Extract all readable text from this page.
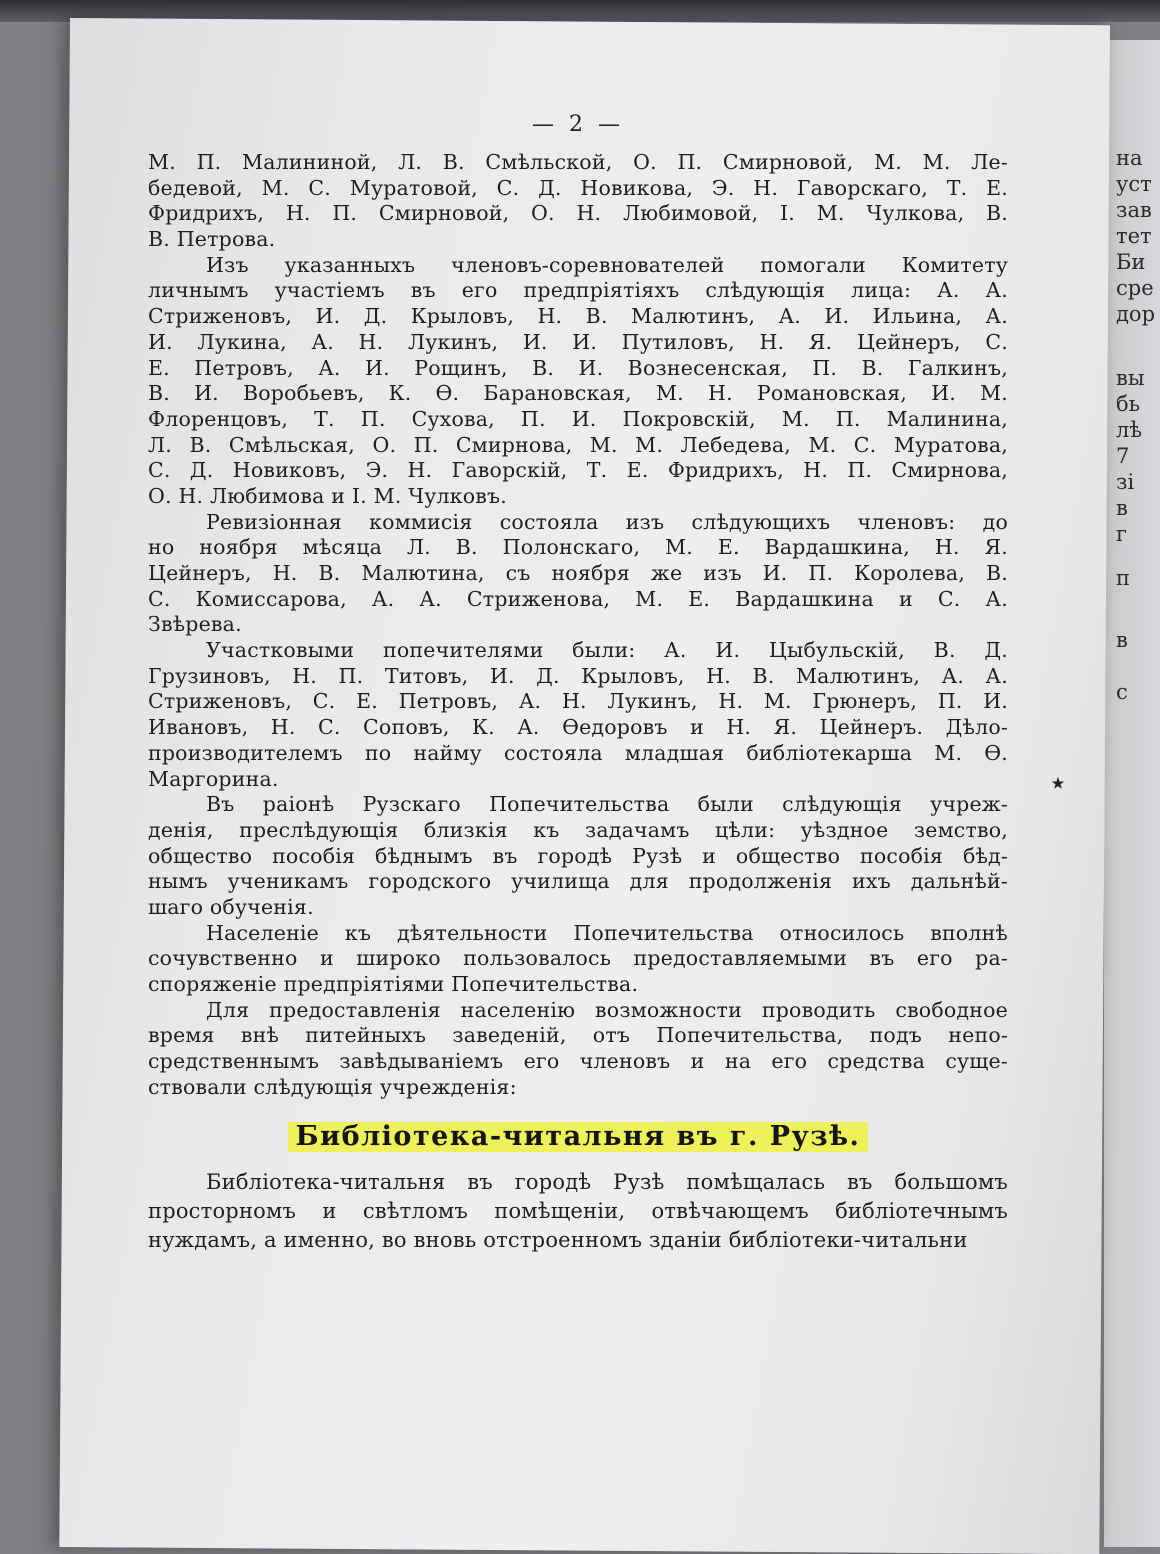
на
уст
зав
тет
Би
сре
дор
вы
бь
лѣ
7
зі
в
г
п
в
с
— 2 —
М. П. Малининой, Л. В. Смѣльской, О. П. Смирновой, М. М. Ле-
бедевой, М. С. Муратовой, С. Д. Новикова, Э. Н. Гаворскаго, Т. Е.
Фридрихъ, Н. П. Смирновой, О. Н. Любимовой, І. М. Чулкова, В.
В. Петрова.
Изъ указанныхъ членовъ-соревнователей помогали Комитету
личнымъ участіемъ въ его предпріятіяхъ слѣдующія лица: А. А.
Стриженовъ, И. Д. Крыловъ, Н. В. Малютинъ, А. И. Ильина, А.
И. Лукина, А. Н. Лукинъ, И. И. Путиловъ, Н. Я. Цейнеръ, С.
Е. Петровъ, А. И. Рощинъ, В. И. Вознесенская, П. В. Галкинъ,
В. И. Воробьевъ, К. Ѳ. Барановская, М. Н. Романовская, И. М.
Флоренцовъ, Т. П. Сухова, П. И. Покровскій, М. П. Малинина,
Л. В. Смѣльская, О. П. Смирнова, М. М. Лебедева, М. С. Муратова,
С. Д. Новиковъ, Э. Н. Гаворскій, Т. Е. Фридрихъ, Н. П. Смирнова,
О. Н. Любимова и І. М. Чулковъ.
Ревизіонная коммисія состояла изъ слѣдующихъ членовъ: до
но ноября мѣсяца Л. В. Полонскаго, М. Е. Вардашкина, Н. Я.
Цейнеръ, Н. В. Малютина, съ ноября же изъ И. П. Королева, В.
С. Комиссарова, А. А. Стриженова, М. Е. Вардашкина и С. А.
Звѣрева.
Участковыми попечителями были: А. И. Цыбульскій, В. Д.
Грузиновъ, Н. П. Титовъ, И. Д. Крыловъ, Н. В. Малютинъ, А. А.
Стриженовъ, С. Е. Петровъ, А. Н. Лукинъ, Н. М. Грюнеръ, П. И.
Ивановъ, Н. С. Соповъ, К. А. Ѳедоровъ и Н. Я. Цейнеръ. Дѣло-
производителемъ по найму состояла младшая библіотекарша М. Ѳ.
Маргорина.
Въ раіонѣ Рузскаго Попечительства были слѣдующія учреж-
денія, преслѣдующія близкія къ задачамъ цѣли: уѣздное земство,
общество пособія бѣднымъ въ городѣ Рузѣ и общество пособія бѣд-
нымъ ученикамъ городского училища для продолженія ихъ дальнѣй-
шаго обученія.
Населеніе къ дѣятельности Попечительства относилось вполнѣ
сочувственно и широко пользовалось предоставляемыми въ его ра-
споряженіе предпріятіями Попечительства.
Для предоставленія населенію возможности проводить свободное
время внѣ питейныхъ заведеній, отъ Попечительства, подъ непо-
средственнымъ завѣдываніемъ его членовъ и на его средства суще-
ствовали слѣдующія учрежденія:
Библіотека-читальня въ г. Рузѣ.
Библіотека-читальня въ городѣ Рузѣ помѣщалась въ большомъ
просторномъ и свѣтломъ помѣщеніи, отвѣчающемъ библіотечнымъ
нуждамъ, а именно, во вновь отстроенномъ зданіи библіотеки-читальни
٭
